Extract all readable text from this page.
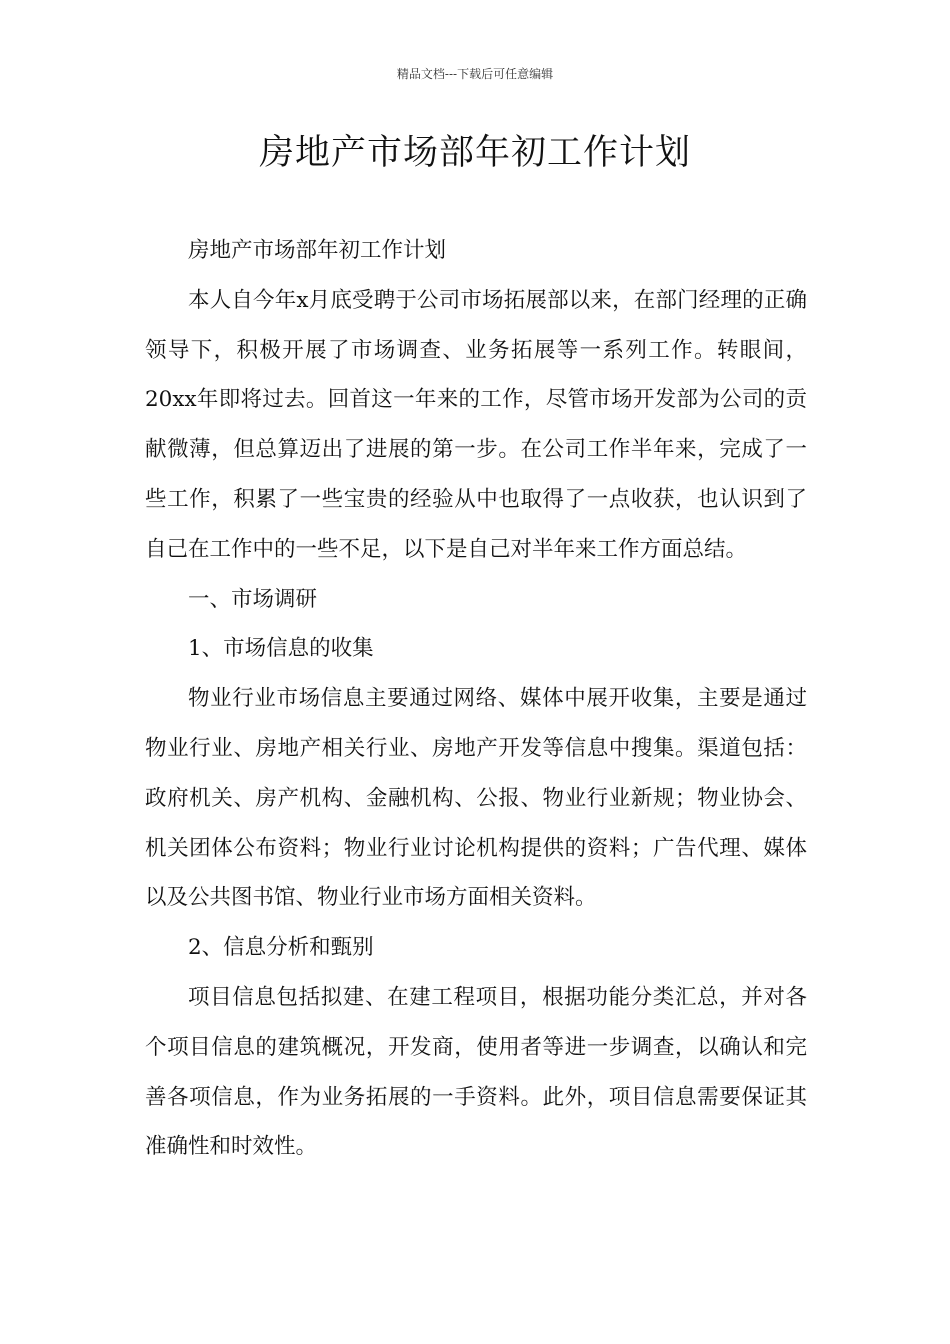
精品文档---下载后可任意编辑
房地产市场部年初工作计划

房地产市场部年初工作计划

本人自今年x月底受聘于公司市场拓展部以来，在部门经理的正确领导下，积极开展了市场调查、业务拓展等一系列工作。转眼间，20xx年即将过去。回首这一年来的工作，尽管市场开发部为公司的贡献微薄，但总算迈出了进展的第一步。在公司工作半年来，完成了一些工作，积累了一些宝贵的经验从中也取得了一点收获，也认识到了自己在工作中的一些不足，以下是自己对半年来工作方面总结。

一、市场调研

1、市场信息的收集

物业行业市场信息主要通过网络、媒体中展开收集，主要是通过物业行业、房地产相关行业、房地产开发等信息中搜集。渠道包括：政府机关、房产机构、金融机构、公报、物业行业新规；物业协会、机关团体公布资料；物业行业讨论机构提供的资料；广告代理、媒体以及公共图书馆、物业行业市场方面相关资料。

2、信息分析和甄别

项目信息包括拟建、在建工程项目，根据功能分类汇总，并对各个项目信息的建筑概况，开发商，使用者等进一步调查，以确认和完善各项信息，作为业务拓展的一手资料。此外，项目信息需要保证其准确性和时效性。
